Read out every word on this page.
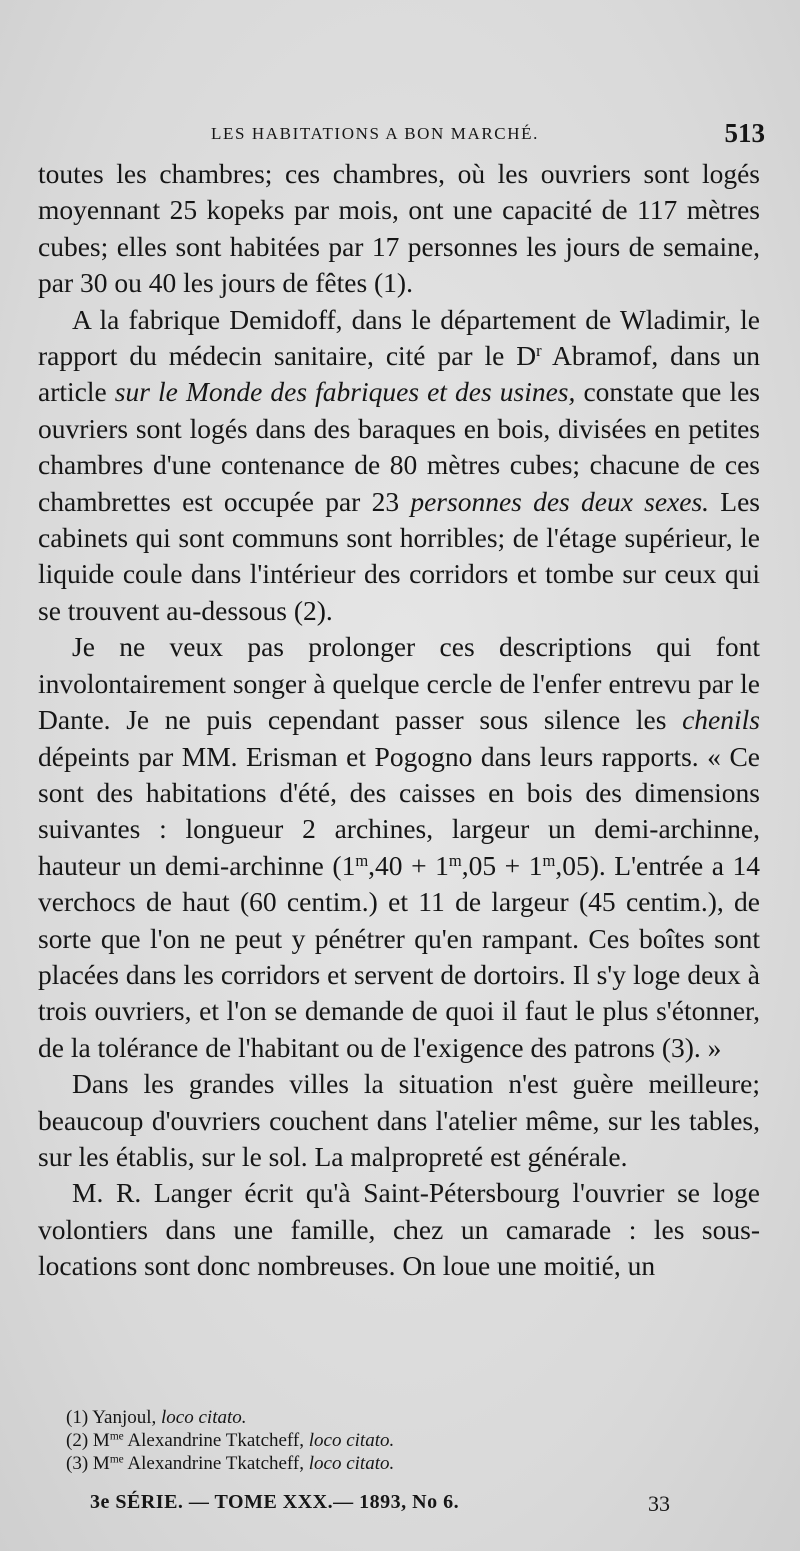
LES HABITATIONS A BON MARCHÉ.	513

toutes les chambres; ces chambres, où les ouvriers sont logés moyennant 25 kopeks par mois, ont une capacité de 117 mètres cubes; elles sont habitées par 17 personnes les jours de semaine, par 30 ou 40 les jours de fêtes (1).

A la fabrique Demidoff, dans le département de Wladimir, le rapport du médecin sanitaire, cité par le $D^r$ Abramof, dans un article sur le Monde des fabriques et des usines, constate que les ouvriers sont logés dans des baraques en bois, divisées en petites chambres d'une contenance de 80 mètres cubes; chacune de ces chambrettes est occupée par 23 personnes des deux sexes. Les cabinets qui sont communs sont horribles; de l'étage supérieur, le liquide coule dans l'intérieur des corridors et tombe sur ceux qui se trouvent au-dessous (2).

Je ne veux pas prolonger ces descriptions qui font involontairement songer à quelque cercle de l'enfer entrevu par le Dante. Je ne puis cependant passer sous silence les chenils dépeints par MM. Erisman et Pogogno dans leurs rapports. « Ce sont des habitations d'été, des caisses en bois des dimensions suivantes : longueur 2 archines, largeur un demi-archinne, hauteur un demi-archinne $(1^m,40 + 1^m,05 + 1^m,05)$. L'entrée a 14 verchocs de haut (60 centim.) et 11 de largeur (45 centim.), de sorte que l'on ne peut y pénétrer qu'en rampant. Ces boîtes sont placées dans les corridors et servent de dortoirs. Il s'y loge deux à trois ouvriers, et l'on se demande de quoi il faut le plus s'étonner, de la tolérance de l'habitant ou de l'exigence des patrons (3). »

Dans les grandes villes la situation n'est guère meilleure; beaucoup d'ouvriers couchent dans l'atelier même, sur les tables, sur les établis, sur le sol. La malpropreté est générale.

M. R. Langer écrit qu'à Saint-Pétersbourg l'ouvrier se loge volontiers dans une famille, chez un camarade : les sous-locations sont donc nombreuses. On loue une moitié, un

(1) Yanjoul, loco citato.

(2) $M^{me}$ Alexandrine Tkatcheff, loco citato.

(3) $M^{me}$ Alexandrine Tkatcheff, loco citato.

3e SÉRIE. — TOME XXX.— 1893, No 6.	33
